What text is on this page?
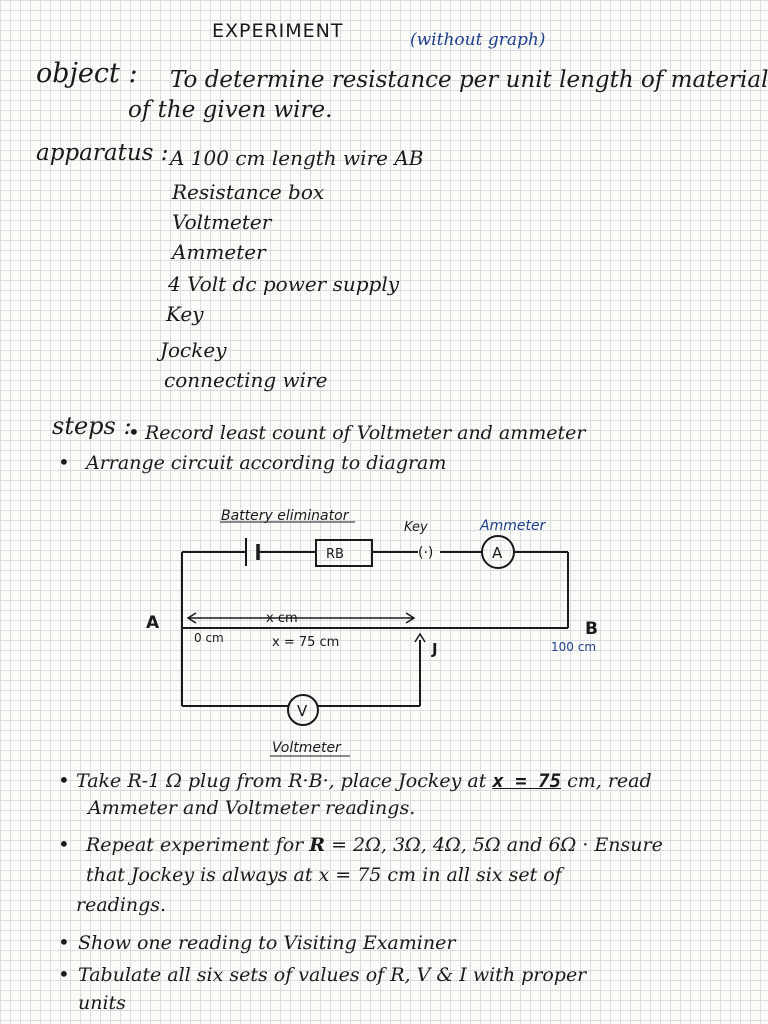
EXPERIMENT	(without graph)
object : To determine resistance per unit length of material
of the given wire.
apparatus : A 100 cm length wire AB
Resistance box
Voltmeter
Ammeter
4 Volt dc power supply
Key
Jockey
connecting wire
steps :
• Record least count of Voltmeter and ammeter
• Arrange circuit according to diagram
Battery eliminator
RB
Key
(·)
Ammeter
A
V
Voltmeter
A	B
J
0 cm
100 cm
x cm
x = 75 cm
• Take R-1 Ω plug from R·B·, place Jockey at x = 75 cm, read
Ammeter and Voltmeter readings.
• Repeat experiment for R = 2Ω, 3Ω, 4Ω, 5Ω and 6Ω · Ensure
that Jockey is always at x = 75 cm in all six set of
readings.
• Show one reading to Visiting Examiner
• Tabulate all six sets of values of R, V & I with proper
units
